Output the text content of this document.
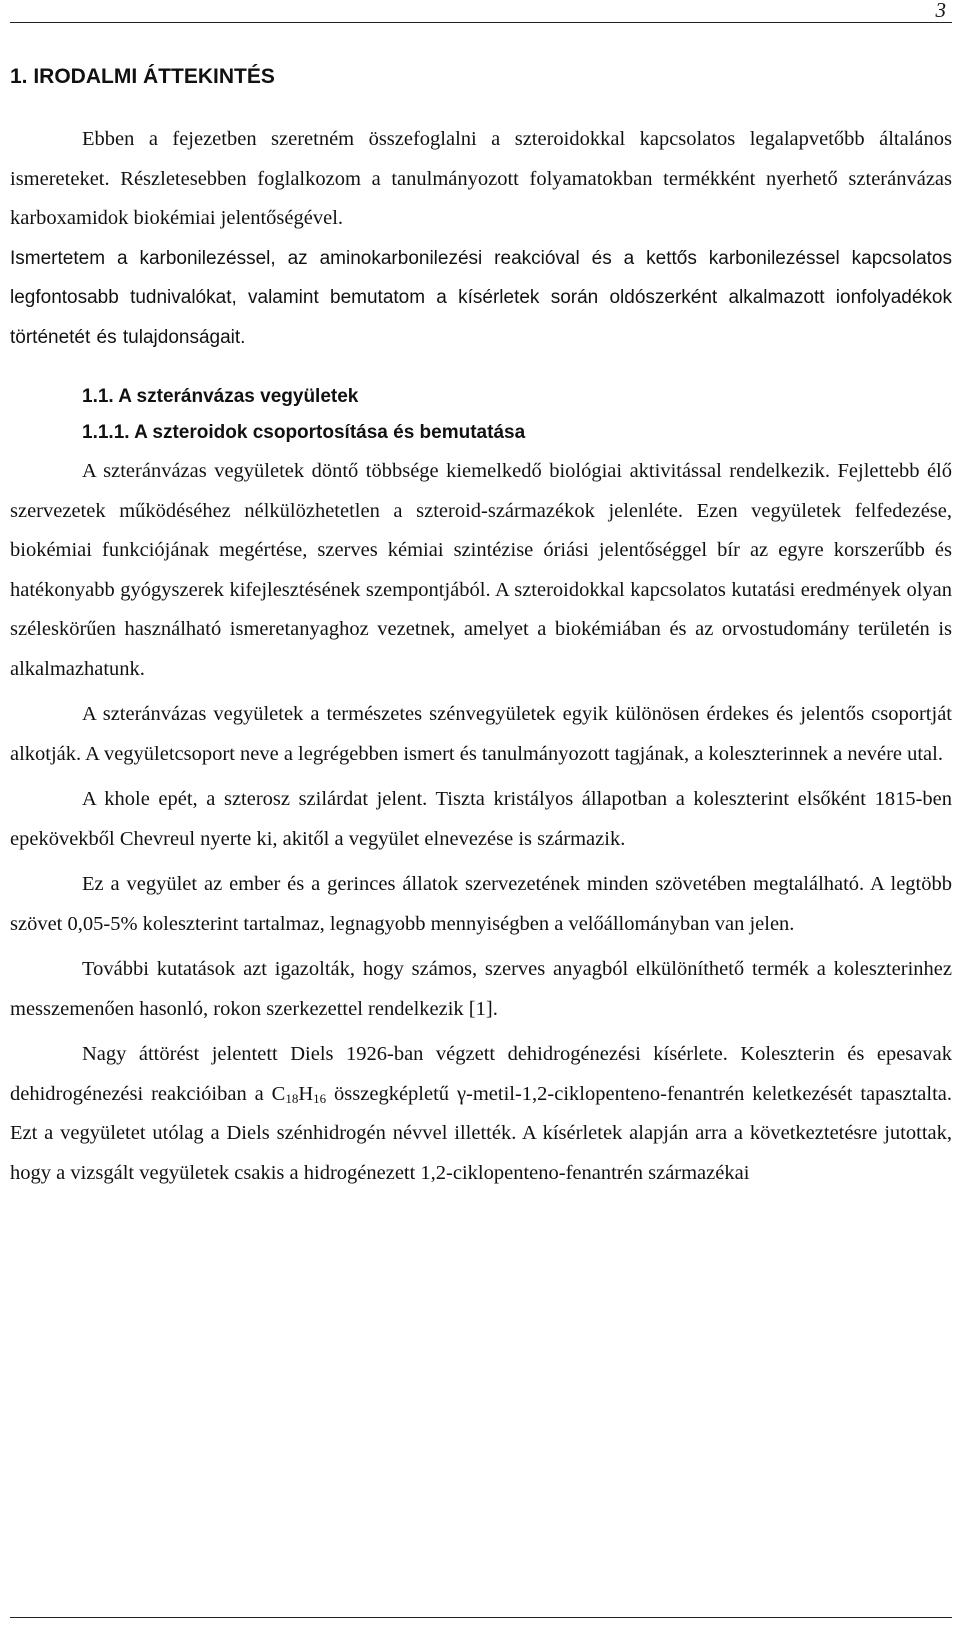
3
1. IRODALMI ÁTTEKINTÉS

Ebben a fejezetben szeretném összefoglalni a szteroidokkal kapcsolatos legalapvetőbb általános ismereteket. Részletesebben foglalkozom a tanulmányozott folyamatokban termékként nyerhető szteránvázas karboxamidok biokémiai jelentőségével.

Ismertetem a karbonilezéssel, az aminokarbonilezési reakcióval és a kettős karbonilezéssel kapcsolatos legfontosabb tudnivalókat, valamint bemutatom a kísérletek során oldószerként alkalmazott ionfolyadékok történetét és tulajdonságait.

1.1. A szteránvázas vegyületek
1.1.1. A szteroidok csoportosítása és bemutatása

A szteránvázas vegyületek döntő többsége kiemelkedő biológiai aktivitással rendelkezik. Fejlettebb élő szervezetek működéséhez nélkülözhetetlen a szteroid-származékok jelenléte. Ezen vegyületek felfedezése, biokémiai funkciójának megértése, szerves kémiai szintézise óriási jelentőséggel bír az egyre korszerűbb és hatékonyabb gyógyszerek kifejlesztésének szempontjából. A szteroidokkal kapcsolatos kutatási eredmények olyan széleskörűen használható ismeretanyaghoz vezetnek, amelyet a biokémiában és az orvostudomány területén is alkalmazhatunk.

A szteránvázas vegyületek a természetes szénvegyületek egyik különösen érdekes és jelentős csoportját alkotják. A vegyületcsoport neve a legrégebben ismert és tanulmányozott tagjának, a koleszterinnek a nevére utal.

A khole epét, a szterosz szilárdat jelent. Tiszta kristályos állapotban a koleszterint elsőként 1815-ben epekövekből Chevreul nyerte ki, akitől a vegyület elnevezése is származik.

Ez a vegyület az ember és a gerinces állatok szervezetének minden szövetében megtalálható. A legtöbb szövet 0,05-5% koleszterint tartalmaz, legnagyobb mennyiségben a velőállományban van jelen.

További kutatások azt igazolták, hogy számos, szerves anyagból elkülöníthető termék a koleszterinhez messzemenően hasonló, rokon szerkezettel rendelkezik [1].

Nagy áttörést jelentett Diels 1926-ban végzett dehidrogénezési kísérlete. Koleszterin és epesavak dehidrogénezési reakcióiban a $C_{18}H_{16}$ összegképletű γ-metil-1,2-ciklopenteno-fenantrén keletkezését tapasztalta. Ezt a vegyületet utólag a Diels szénhidrogén névvel illették. A kísérletek alapján arra a következtetésre jutottak, hogy a vizsgált vegyületek csakis a hidrogénezett 1,2-ciklopenteno-fenantrén származékai
